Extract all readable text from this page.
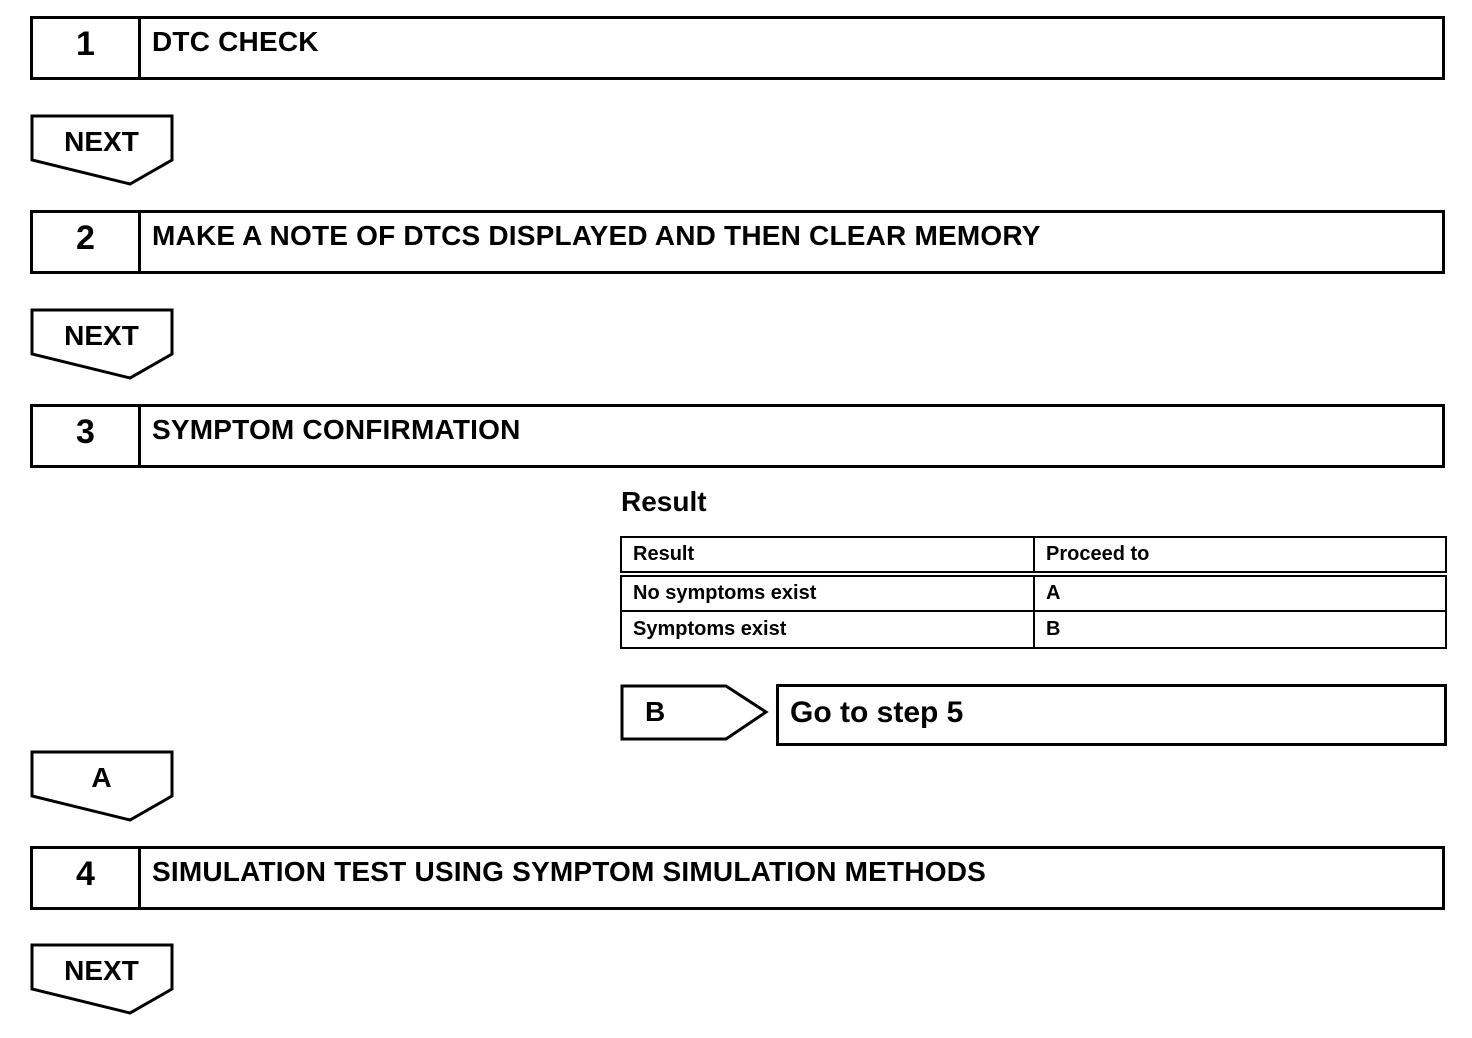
1	DTC CHECK
NEXT
2	MAKE A NOTE OF DTCS DISPLAYED AND THEN CLEAR MEMORY
NEXT
3	SYMPTOM CONFIRMATION
Result
Result	Proceed to
No symptoms exist	A
Symptoms exist	B
B	Go to step 5
A
4	SIMULATION TEST USING SYMPTOM SIMULATION METHODS
NEXT
